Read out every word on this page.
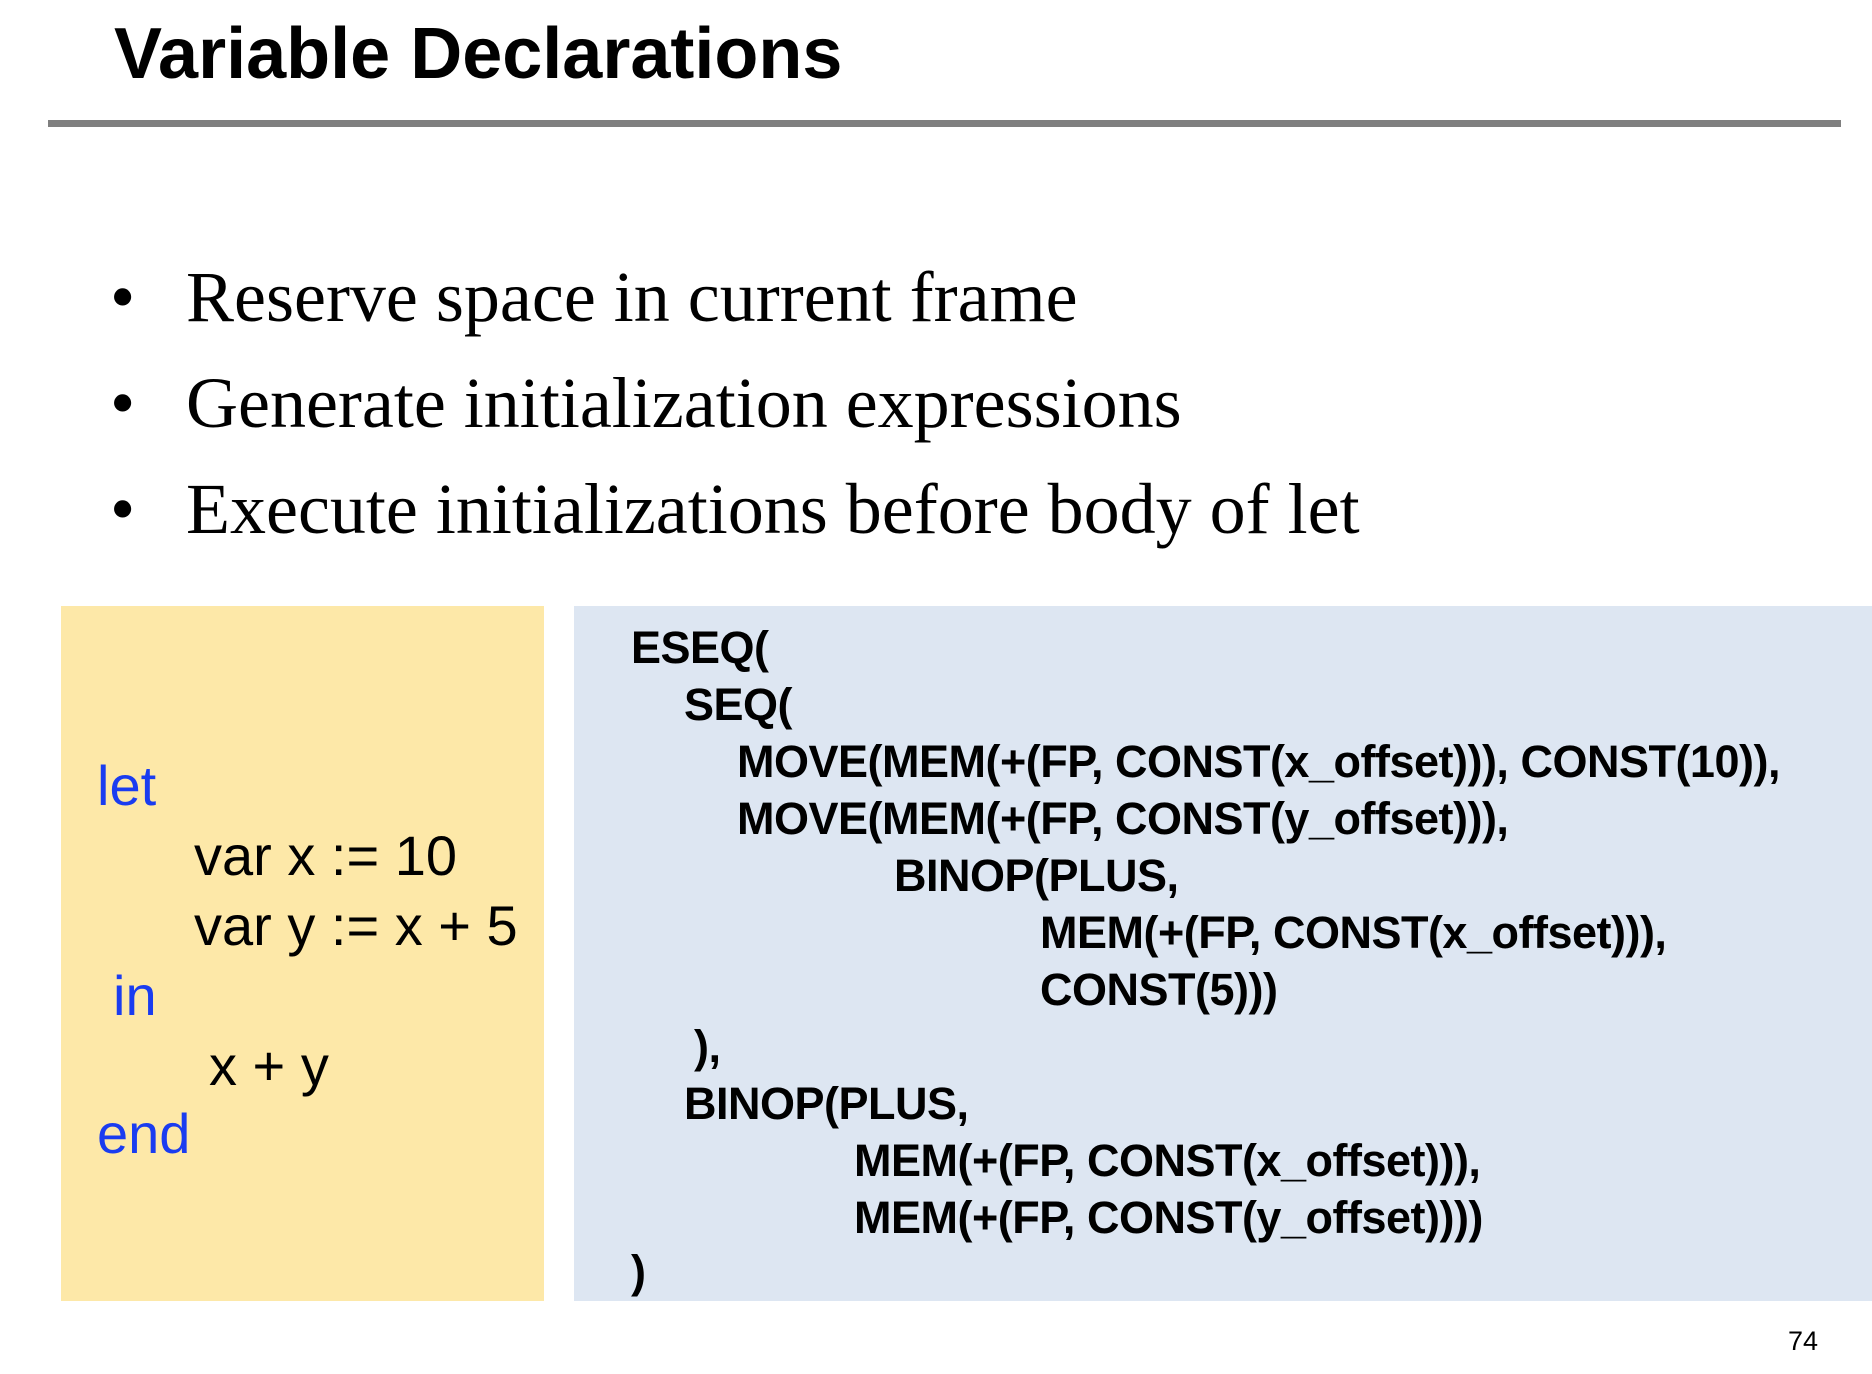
Variable Declarations
• Reserve space in current frame
• Generate initialization expressions
• Execute initializations before body of let
let
var x := 10
var y := x + 5
in
x + y
end
ESEQ(
SEQ(
MOVE(MEM(+(FP, CONST(x_offset))), CONST(10)),
MOVE(MEM(+(FP, CONST(y_offset))),
BINOP(PLUS,
MEM(+(FP, CONST(x_offset))),
CONST(5)))
),
BINOP(PLUS,
MEM(+(FP, CONST(x_offset))),
MEM(+(FP, CONST(y_offset))))
)
74
